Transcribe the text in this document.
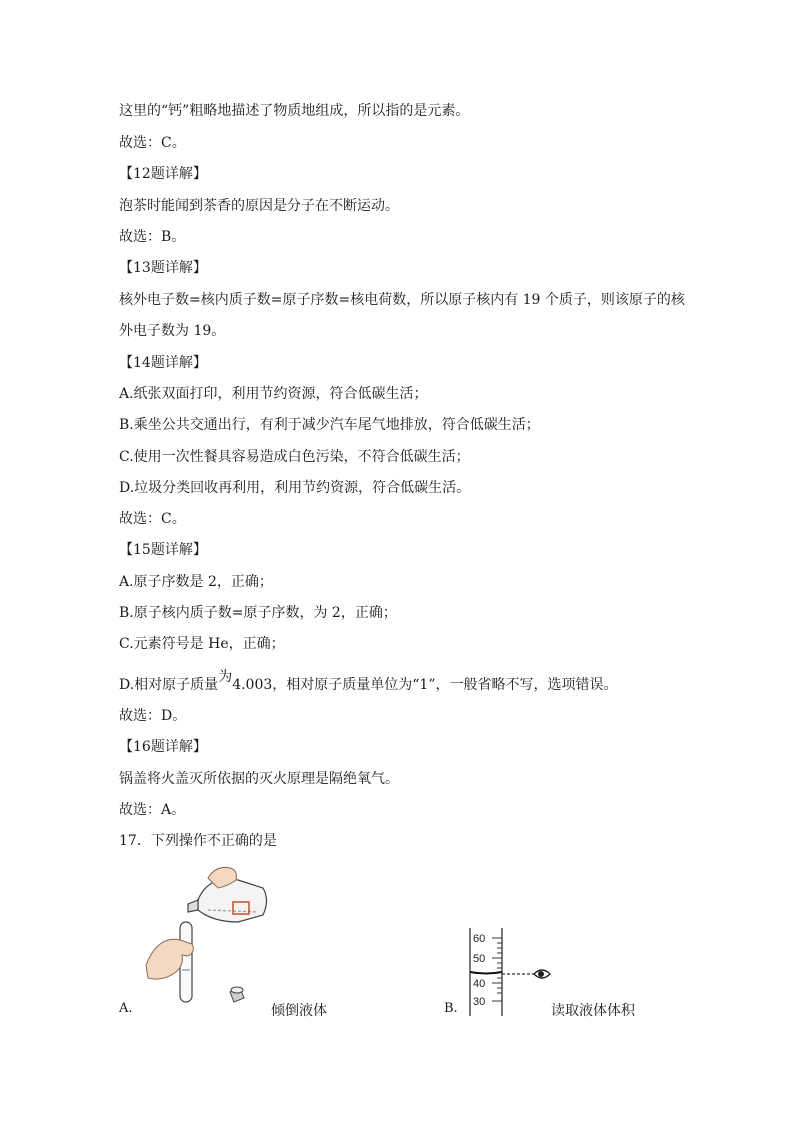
这里的“钙”粗略地描述了物质地组成，所以指的是元素。
故选：C。
【12题详解】
泡茶时能闻到茶香的原因是分子在不断运动。
故选：B。
【13题详解】
核外电子数=核内质子数=原子序数=核电荷数，所以原子核内有 19 个质子，则该原子的核
外电子数为 19。
【14题详解】
A.纸张双面打印，利用节约资源，符合低碳生活；
B.乘坐公共交通出行，有利于减少汽车尾气地排放，符合低碳生活；
C.使用一次性餐具容易造成白色污染，不符合低碳生活；
D.垃圾分类回收再利用，利用节约资源，符合低碳生活。
故选：C。
【15题详解】
A.原子序数是 2，正确；
B.原子核内质子数=原子序数，为 2，正确；
C.元素符号是 He，正确；
D.相对原子质量为4.003，相对原子质量单位为“1”，一般省略不写，选项错误。
故选：D。
【16题详解】
锅盖将火盖灭所依据的灭火原理是隔绝氧气。
故选：A。
17．下列操作不正确的是
A.	倾倒液体
60
50
40
30
B.	读取液体体积
